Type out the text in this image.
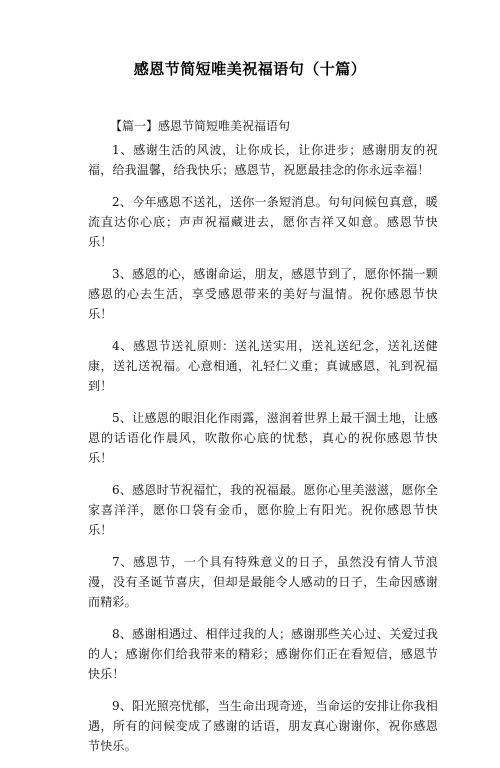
感恩节简短唯美祝福语句（十篇）
【篇一】感恩节简短唯美祝福语句

1、感谢生活的风波，让你成长，让你进步；感谢朋友的祝福，给我温馨，给我快乐；感恩节，祝愿最挂念的你永远幸福！

2、今年感恩不送礼，送你一条短消息。句句问候包真意，暖流直达你心底；声声祝福藏进去，愿你吉祥又如意。感恩节快乐！

3、感恩的心，感谢命运，朋友，感恩节到了，愿你怀揣一颗感恩的心去生活，享受感恩带来的美好与温情。祝你感恩节快乐！

4、感恩节送礼原则：送礼送实用，送礼送纪念，送礼送健康，送礼送祝福。心意相通，礼轻仁义重；真诚感恩，礼到祝福到！

5、让感恩的眼泪化作雨露，滋润着世界上最干涸土地，让感恩的话语化作晨风，吹散你心底的忧愁，真心的祝你感恩节快乐！

6、感恩时节祝福忙，我的祝福最。愿你心里美滋滋，愿你全家喜洋洋，愿你口袋有金币，愿你脸上有阳光。祝你感恩节快乐！

7、感恩节，一个具有特殊意义的日子，虽然没有情人节浪漫，没有圣诞节喜庆，但却是最能令人感动的日子，生命因感谢而精彩。

8、感谢相遇过、相伴过我的人；感谢那些关心过、关爱过我的人；感谢你们给我带来的精彩；感谢你们正在看短信，感恩节快乐！

9、阳光照亮忧郁，当生命出现奇迹，当命运的安排让你我相遇，所有的问候变成了感谢的话语，朋友真心谢谢你，祝你感恩节快乐。
